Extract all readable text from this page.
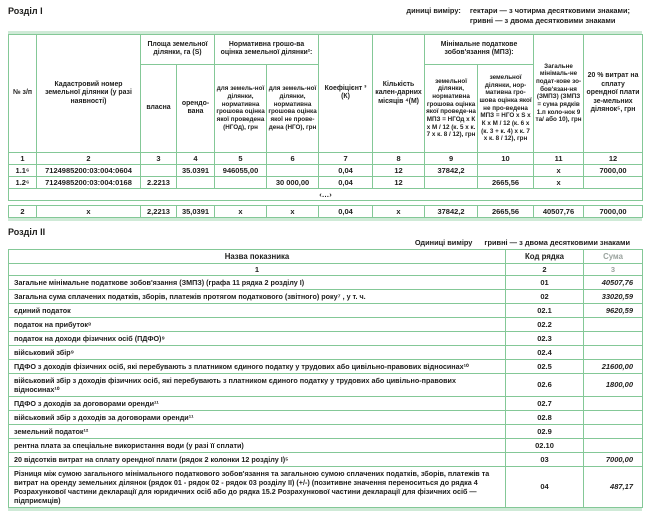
Розділ I	диниці виміру: гектари — з чотирма десятковими знаками;
гривні — з двома десятковими знаками
№ з/п	Кадастровий номер земельної ділянки (у разі наявності)	Площа земельної ділянки, га (S)		Нормативна грошо-ва оцінка земельної ділянки²:		Коефіцієнт ³ (К)	Кількість кален-дарних місяців ⁴(М)	Мінімальне податкове зобов'язання (МПЗ):		Загальне мінімаль-не подат-кове зо-бов'язан-ня (ЗМПЗ) (ЗМПЗ = сума рядків 1.п коло-нок 9 та/ або 10), грн	20 % витрат на сплату орендної плати зе-мельних ділянок⁵, грн
		власна	орендо-вана	для земель-ної ділянки, нормативна грошова оцінка якої проведена (НГОд), грн	для земель-ної ділянки, нормативна грошова оцінка якої не прове-дена (НГО), грн			земельної ділянки, нормативна грошова оцінка якої проведе-на МПЗ = НГОд х К х М / 12 (к. 5 х к. 7 х к. 8 / 12), грн	земельної ділянки, нор-мативна гро-шова оцінка якої не про-ведена МПЗ = НГО х S х К х М / 12 (к. 6 х (к. 3 + к. 4) х к. 7 х к. 8 / 12), грн		
1	2	3	4	5	6	7	8	9	10	11	12
1.1⁶	7124985200:03:004:0604		35.0391	946055,00		0,04	12	37842,2		х	7000,00
1.2⁶	7124985200:03:004:0168	2.2213			30 000,00	0,04	12		2665,56	х	
‹…›											
2	х	2,2213	35,0391	х	х	0,04	х	37842,2	2665,56	40507,76	7000,00
Розділ II
Одиниці виміру гривні — з двома десятковими знаками
Назва показника	Код рядка	Сума
1	2	3
Загальне мінімальне податкове зобов'язання (ЗМПЗ) (графа 11 рядка 2 розділу I)	01	40507,76
Загальна сума сплачених податків, зборів, платежів протягом податкового (звітного) року⁷ , у т. ч.	02	33020,59
єдиний податок	02.1	9620,59
податок на прибуток⁸	02.2	
податок на доходи фізичних осіб (ПДФО)⁹	02.3	
військовий збір⁹	02.4	
ПДФО з доходів фізичних осіб, які перебувають з платником єдиного податку у трудових або цивільно-правових відносинах¹⁰	02.5	21600,00
військовий збір з доходів фізичних осіб, які перебувають з платником єдиного податку у трудових або цивільно-правових відносинах¹⁰	02.6	1800,00
ПДФО з доходів за договорами оренди¹¹	02.7	
військовий збір з доходів за договорами оренди¹¹	02.8	
земельний податок¹²	02.9	
рентна плата за спеціальне використання води (у разі її сплати)	02.10	
20 відсотків витрат на сплату орендної плати (рядок 2 колонки 12 розділу I)⁵	03	7000,00
Різниця між сумою загального мінімального податкового зобов'язання та загальною сумою сплачених податків, зборів, платежів та витрат на оренду земельних ділянок (рядок 01 - рядок 02 - рядок 03 розділу II) (+/-) (позитивне значення переноситься до рядка 4 Розрахункової частини декларації для юридичних осіб або до рядка 15.2 Розрахункової частини декларації для фізичних осіб — підприємців)	04	487,17
